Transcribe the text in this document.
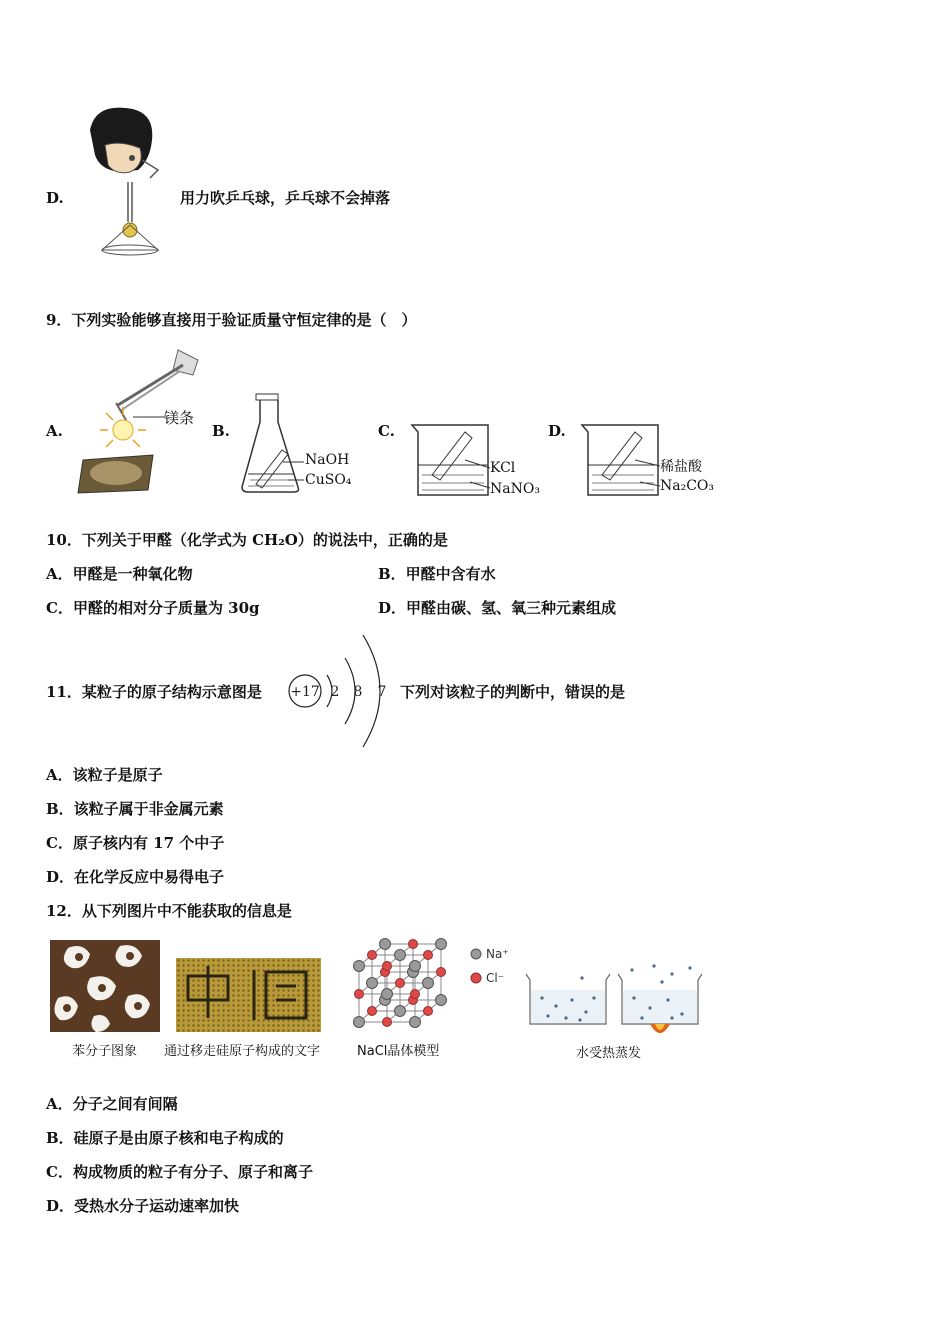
D.	用力吹乒乓球，乒乓球不会掉落
9．下列实验能够直接用于验证质量守恒定律的是（　）
A.
镁条
B.
NaOH
CuSO₄
C.
KCl
NaNO₃
D.
稀盐酸
Na₂CO₃
10．下列关于甲醛（化学式为 CH₂O）的说法中，正确的是
A．甲醛是一种氧化物	B．甲醛中含有水
C．甲醛的相对分子质量为 30g	D．甲醛由碳、氢、氧三种元素组成
11．某粒子的原子结构示意图是 +17 2 8 7 下列对该粒子的判断中，错误的是
A．该粒子是原子
B．该粒子属于非金属元素
C．原子核内有 17 个中子
D．在化学反应中易得电子
12．从下列图片中不能获取的信息是
苯分子图象 通过移走硅原子构成的文字
Na⁺
Cl⁻
NaCl晶体模型	水受热蒸发
A．分子之间有间隔
B．硅原子是由原子核和电子构成的
C．构成物质的粒子有分子、原子和离子
D．受热水分子运动速率加快
